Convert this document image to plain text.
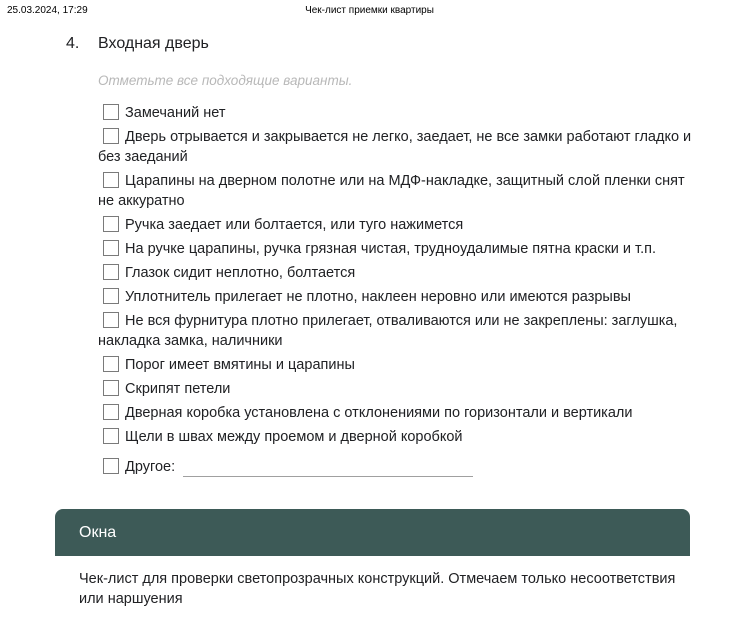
25.03.2024, 17:29	Чек-лист приемки квартиры
4. Входная дверь
Отметьте все подходящие варианты.
Замечаний нет
Дверь отрывается и закрывается не легко, заедает, не все замки работают гладко и без заеданий
Царапины на дверном полотне или на МДФ-накладке, защитный слой пленки снят не аккуратно
Ручка заедает или болтается, или туго нажимется
На ручке царапины, ручка грязная чистая, трудноудалимые пятна краски и т.п.
Глазок сидит неплотно, болтается
Уплотнитель прилегает не плотно, наклеен неровно или имеются разрывы
Не вся фурнитура плотно прилегает, отваливаются или не закреплены: заглушка, накладка замка, наличники
Порог имеет вмятины и царапины
Скрипят петели
Дверная коробка установлена с отклонениями по горизонтали и вертикали
Щели в швах между проемом и дверной коробкой
Другое:
Окна
Чек-лист для проверки светопрозрачных конструкций. Отмечаем только несоответствия или наршуения
